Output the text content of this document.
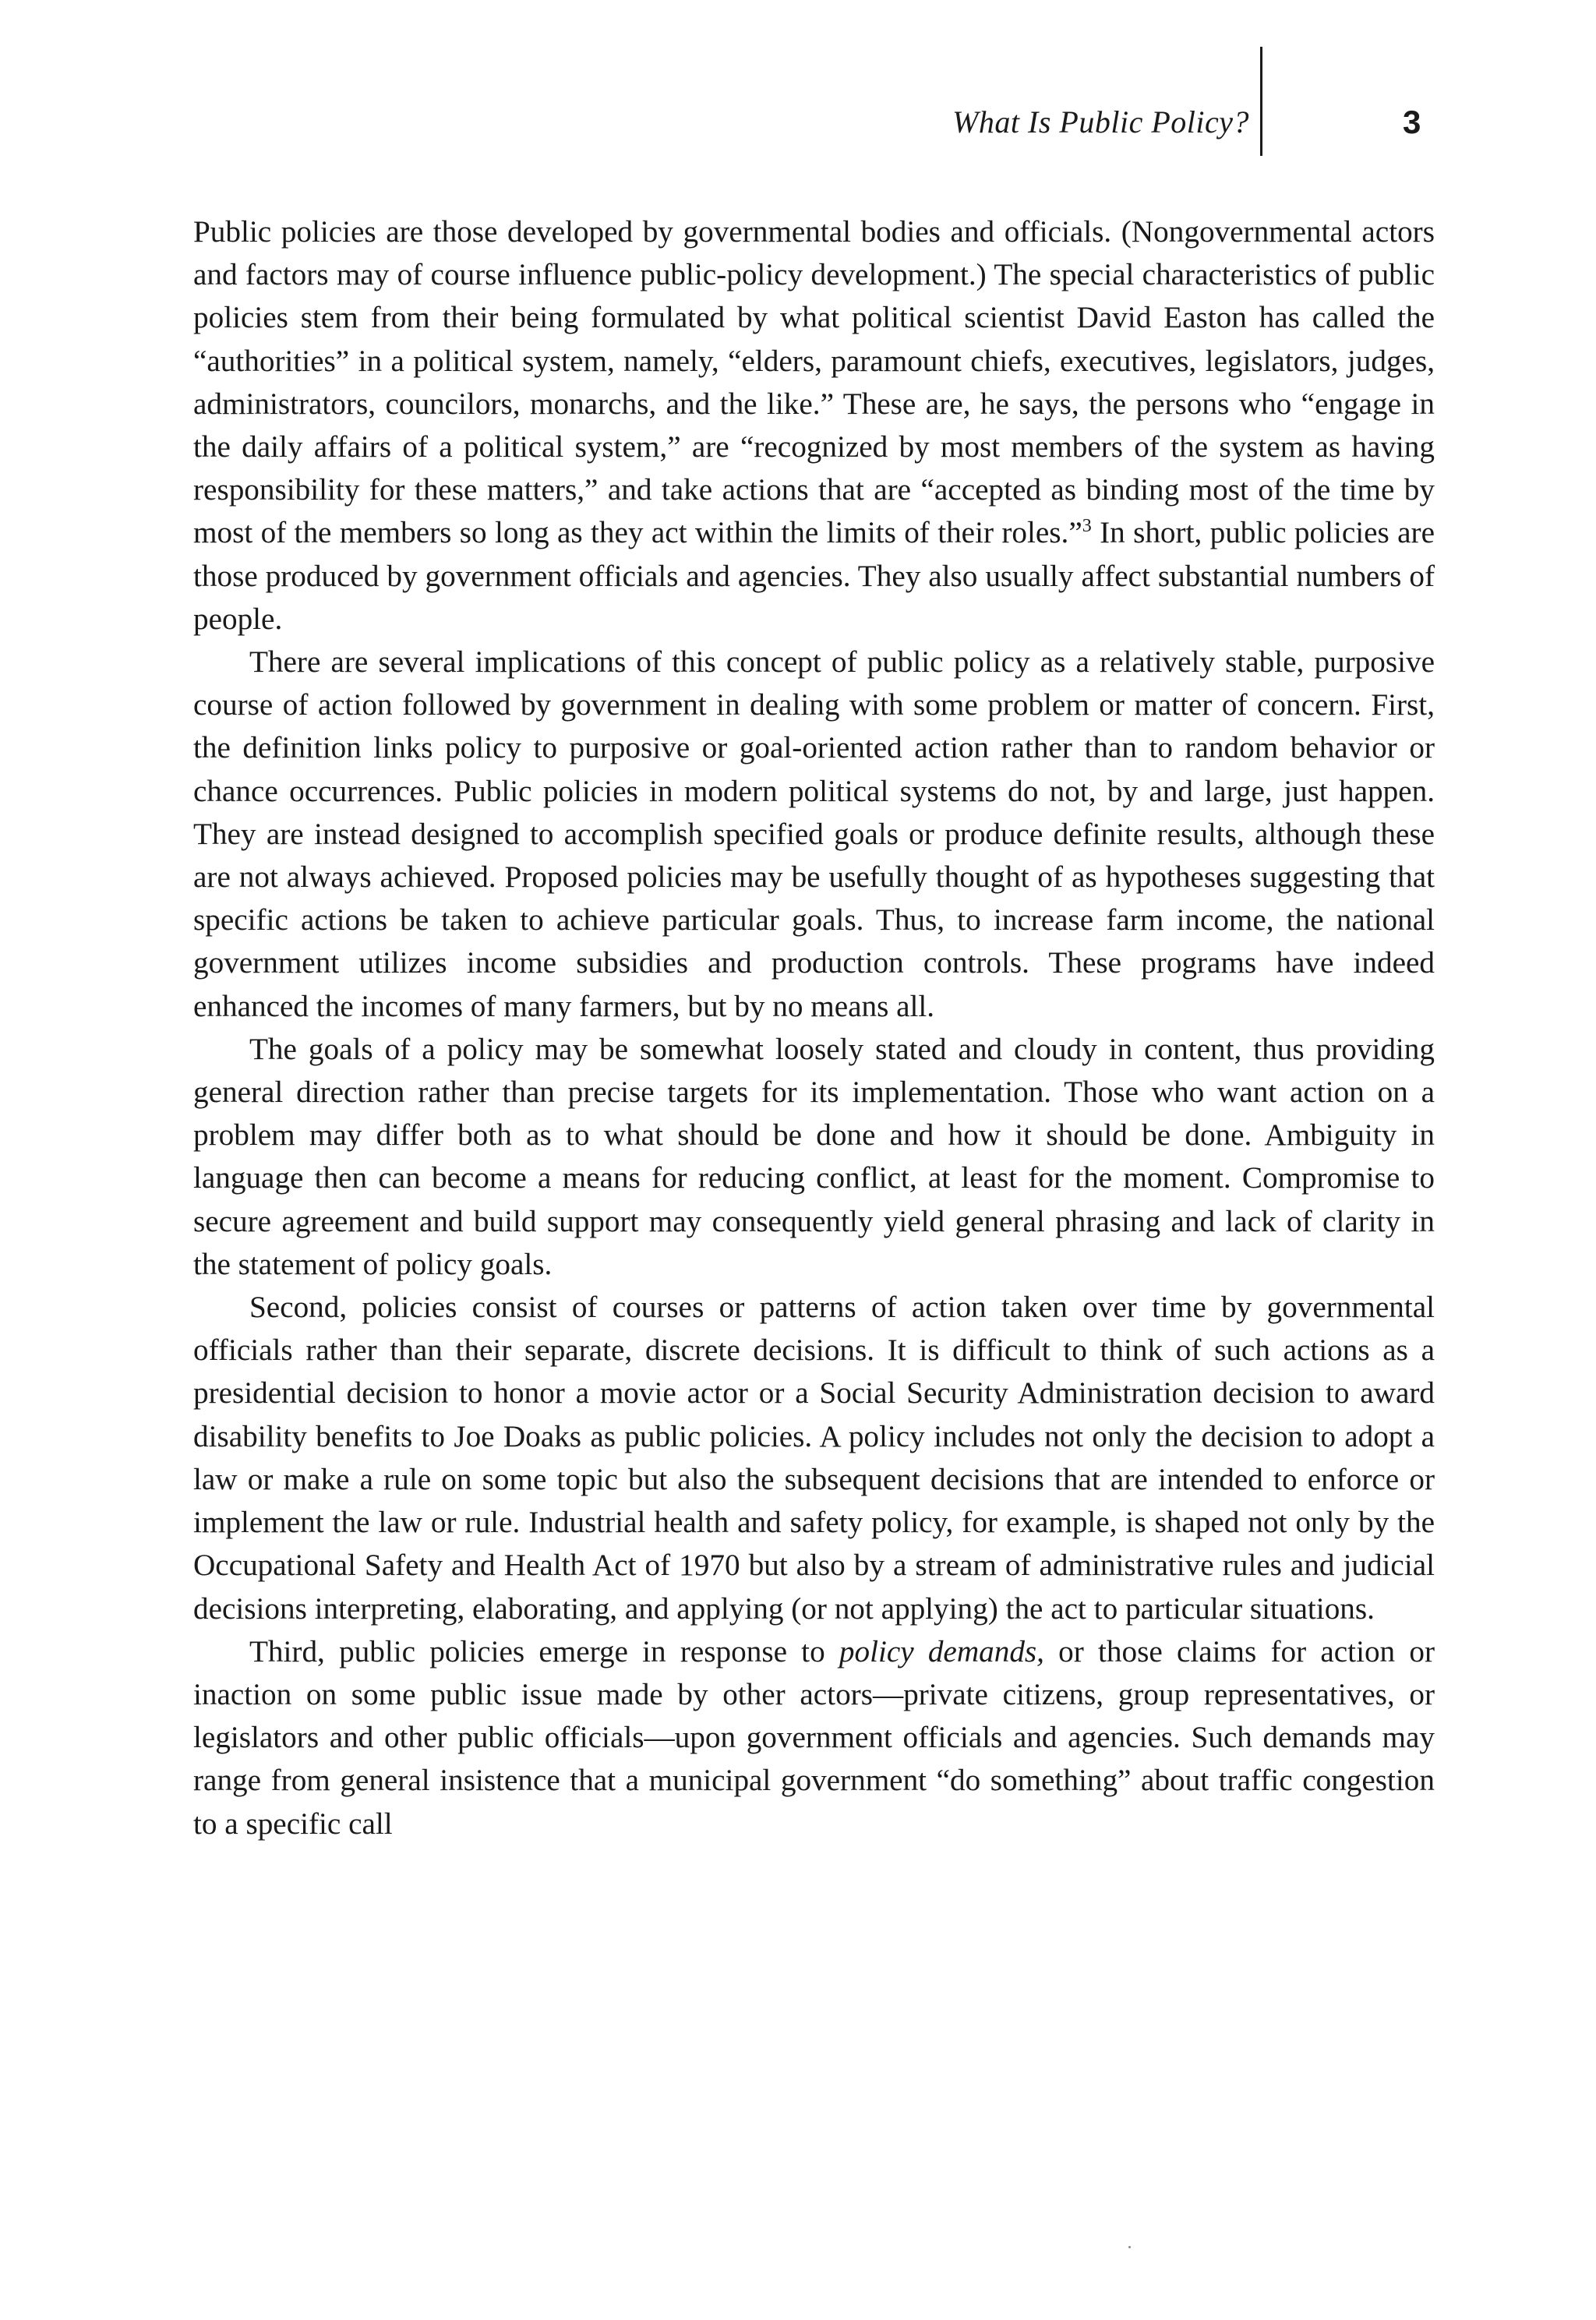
What Is Public Policy?	3

Public policies are those developed by governmental bodies and officials. (Nongovernmental actors and factors may of course influence public-policy development.) The special characteristics of public policies stem from their being formulated by what political scientist David Easton has called the “authorities” in a political system, namely, “elders, paramount chiefs, executives, legislators, judges, administrators, councilors, monarchs, and the like.” These are, he says, the persons who “engage in the daily affairs of a political system,” are “recognized by most members of the system as having responsibility for these matters,” and take actions that are “accepted as binding most of the time by most of the members so long as they act within the limits of their roles.”$^3$ In short, public policies are those produced by government officials and agencies. They also usually affect substantial numbers of people.

There are several implications of this concept of public policy as a relatively stable, purposive course of action followed by government in dealing with some problem or matter of concern. First, the definition links policy to purposive or goal-oriented action rather than to random behavior or chance occurrences. Public policies in modern political systems do not, by and large, just happen. They are instead designed to accomplish specified goals or produce definite results, although these are not always achieved. Proposed policies may be usefully thought of as hypotheses suggesting that specific actions be taken to achieve particular goals. Thus, to increase farm income, the national government utilizes income subsidies and production controls. These programs have indeed enhanced the incomes of many farmers, but by no means all.

The goals of a policy may be somewhat loosely stated and cloudy in content, thus providing general direction rather than precise targets for its implementation. Those who want action on a problem may differ both as to what should be done and how it should be done. Ambiguity in language then can become a means for reducing conflict, at least for the moment. Compromise to secure agreement and build support may consequently yield general phrasing and lack of clarity in the statement of policy goals.

Second, policies consist of courses or patterns of action taken over time by governmental officials rather than their separate, discrete decisions. It is difficult to think of such actions as a presidential decision to honor a movie actor or a Social Security Administration decision to award disability benefits to Joe Doaks as public policies. A policy includes not only the decision to adopt a law or make a rule on some topic but also the subsequent decisions that are intended to enforce or implement the law or rule. Industrial health and safety policy, for example, is shaped not only by the Occupational Safety and Health Act of 1970 but also by a stream of administrative rules and judicial decisions interpreting, elaborating, and applying (or not applying) the act to particular situations.

Third, public policies emerge in response to policy demands, or those claims for action or inaction on some public issue made by other actors—private citizens, group representatives, or legislators and other public officials—upon government officials and agencies. Such demands may range from general insistence that a municipal government “do something” about traffic congestion to a specific call
